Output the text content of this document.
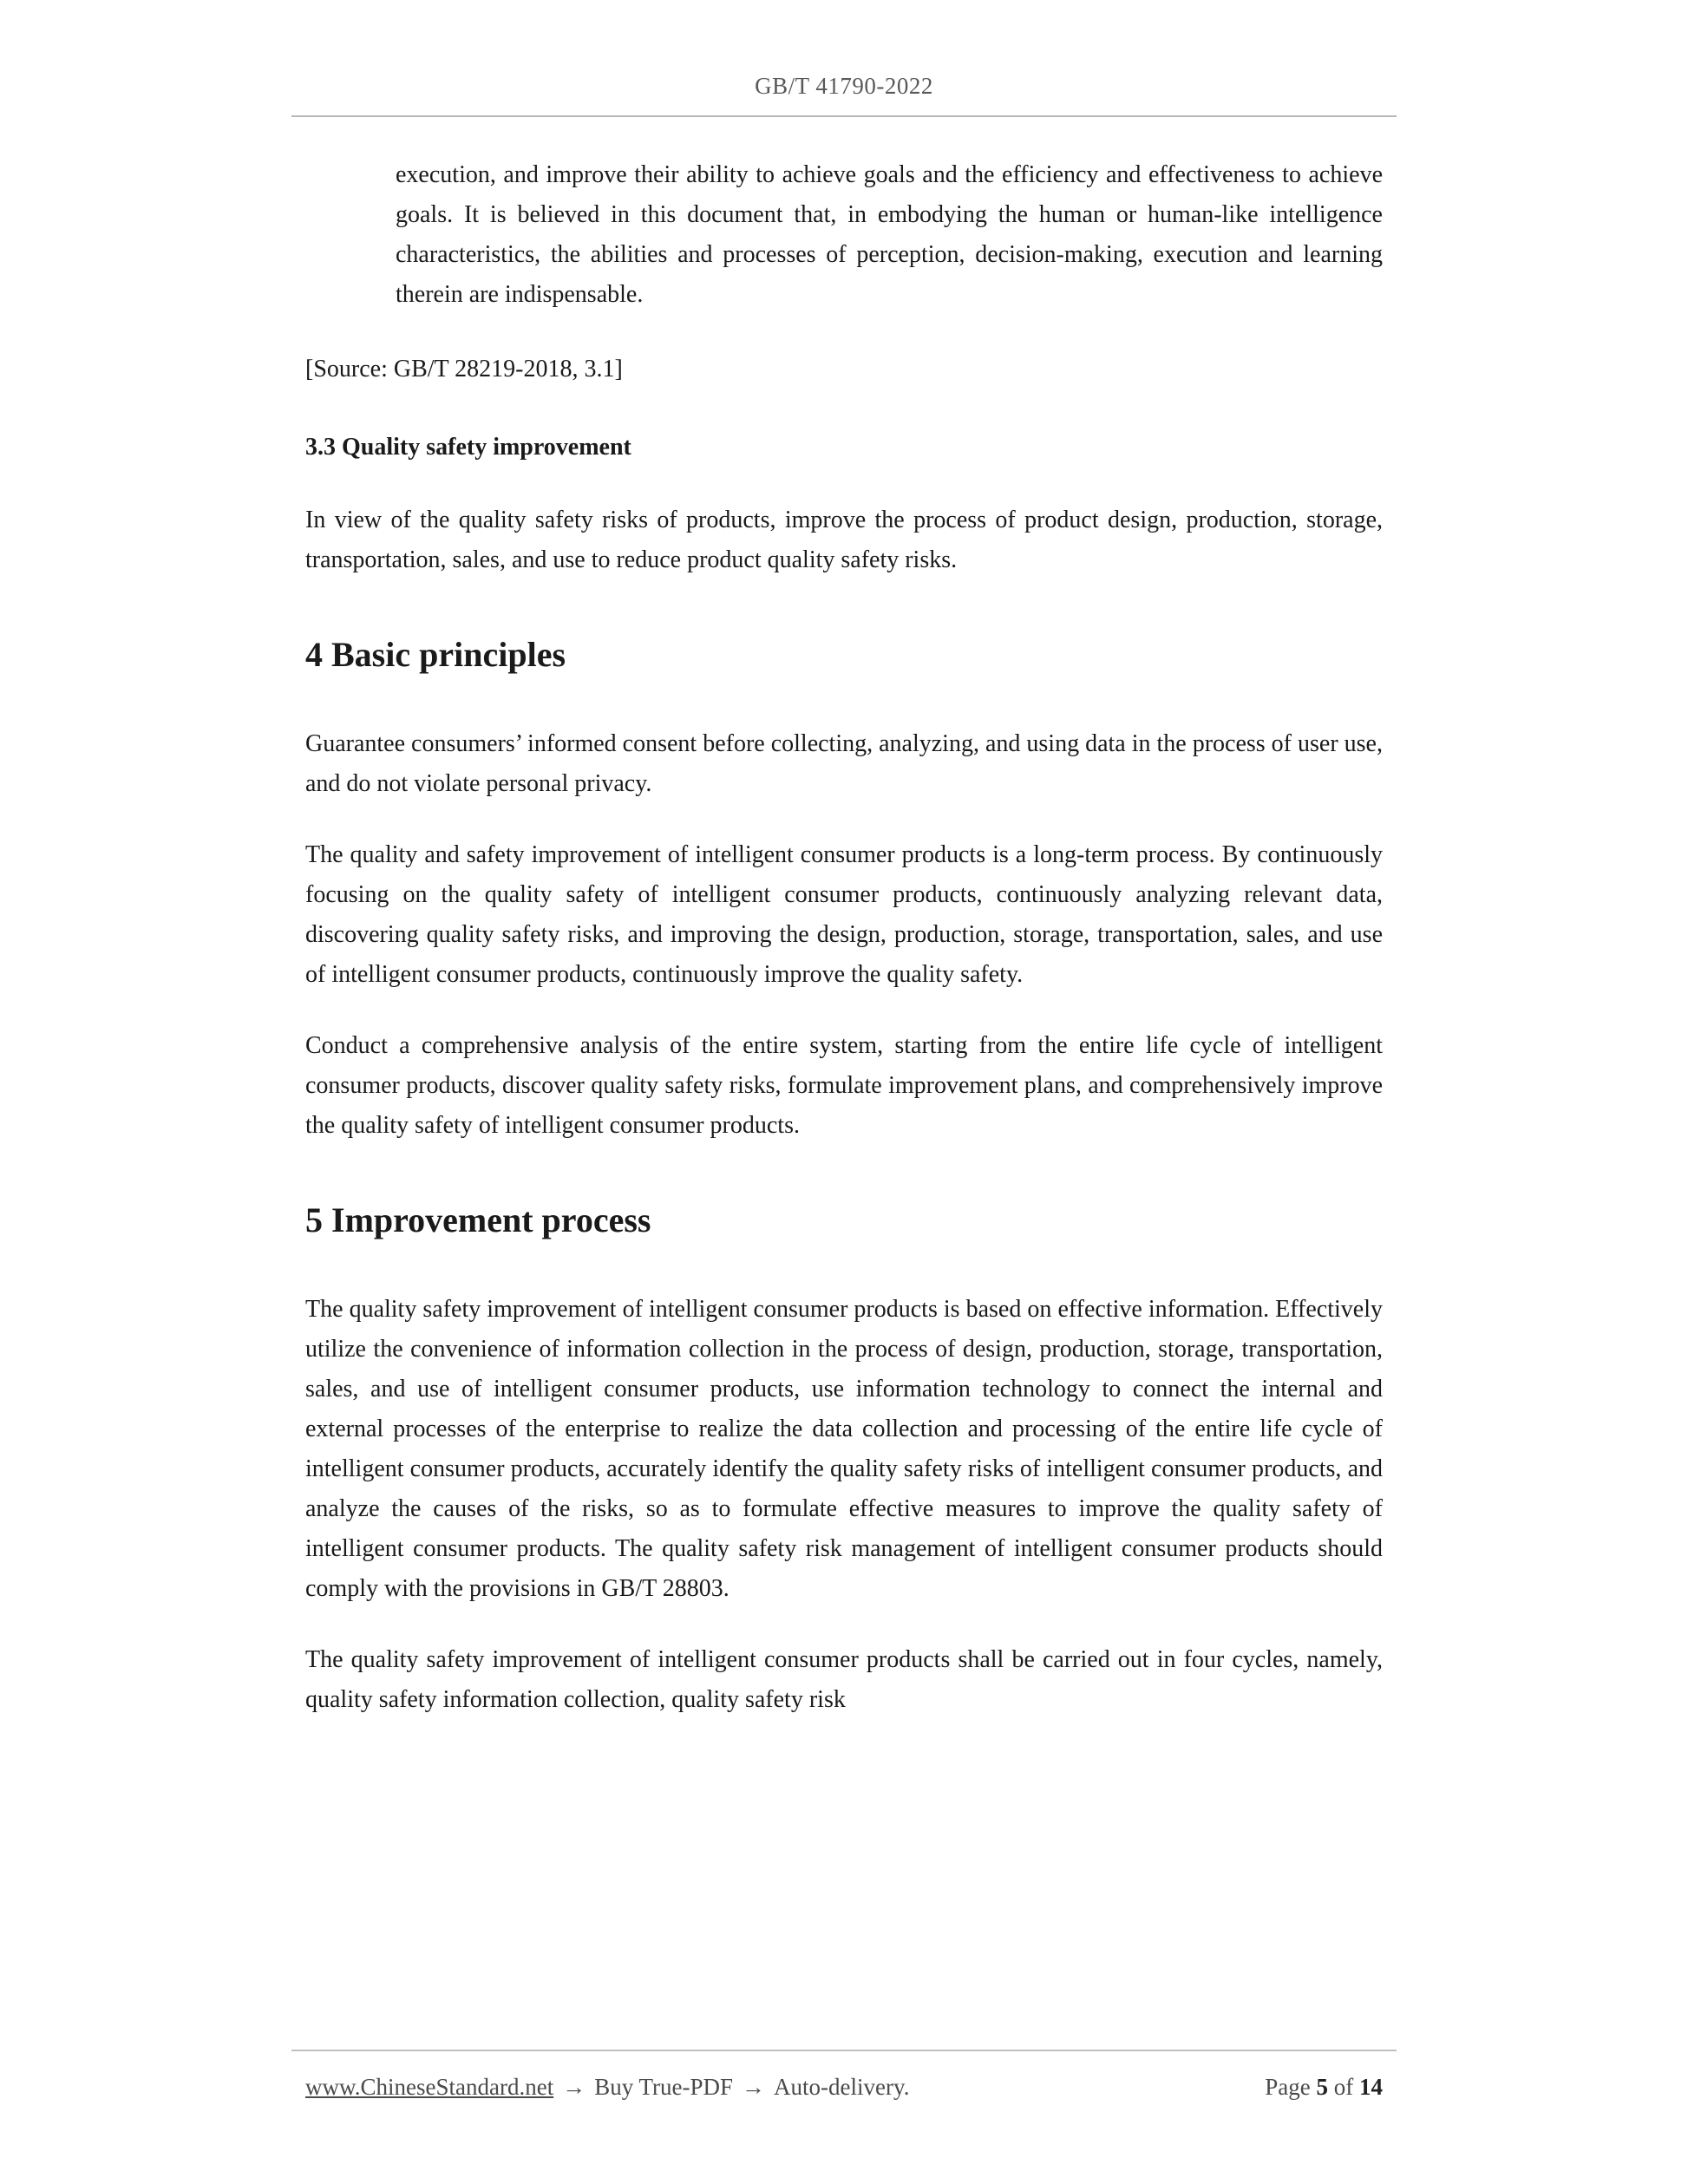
GB/T 41790-2022

execution, and improve their ability to achieve goals and the efficiency and effectiveness to achieve goals. It is believed in this document that, in embodying the human or human-like intelligence characteristics, the abilities and processes of perception, decision-making, execution and learning therein are indispensable.

[Source: GB/T 28219-2018, 3.1]

3.3 Quality safety improvement

In view of the quality safety risks of products, improve the process of product design, production, storage, transportation, sales, and use to reduce product quality safety risks.

4 Basic principles

Guarantee consumers’ informed consent before collecting, analyzing, and using data in the process of user use, and do not violate personal privacy.

The quality and safety improvement of intelligent consumer products is a long-term process. By continuously focusing on the quality safety of intelligent consumer products, continuously analyzing relevant data, discovering quality safety risks, and improving the design, production, storage, transportation, sales, and use of intelligent consumer products, continuously improve the quality safety.

Conduct a comprehensive analysis of the entire system, starting from the entire life cycle of intelligent consumer products, discover quality safety risks, formulate improvement plans, and comprehensively improve the quality safety of intelligent consumer products.

5 Improvement process

The quality safety improvement of intelligent consumer products is based on effective information. Effectively utilize the convenience of information collection in the process of design, production, storage, transportation, sales, and use of intelligent consumer products, use information technology to connect the internal and external processes of the enterprise to realize the data collection and processing of the entire life cycle of intelligent consumer products, accurately identify the quality safety risks of intelligent consumer products, and analyze the causes of the risks, so as to formulate effective measures to improve the quality safety of intelligent consumer products. The quality safety risk management of intelligent consumer products should comply with the provisions in GB/T 28803.

The quality safety improvement of intelligent consumer products shall be carried out in four cycles, namely, quality safety information collection, quality safety risk

www.ChineseStandard.net → Buy True-PDF → Auto-delivery.	Page 5 of 14
